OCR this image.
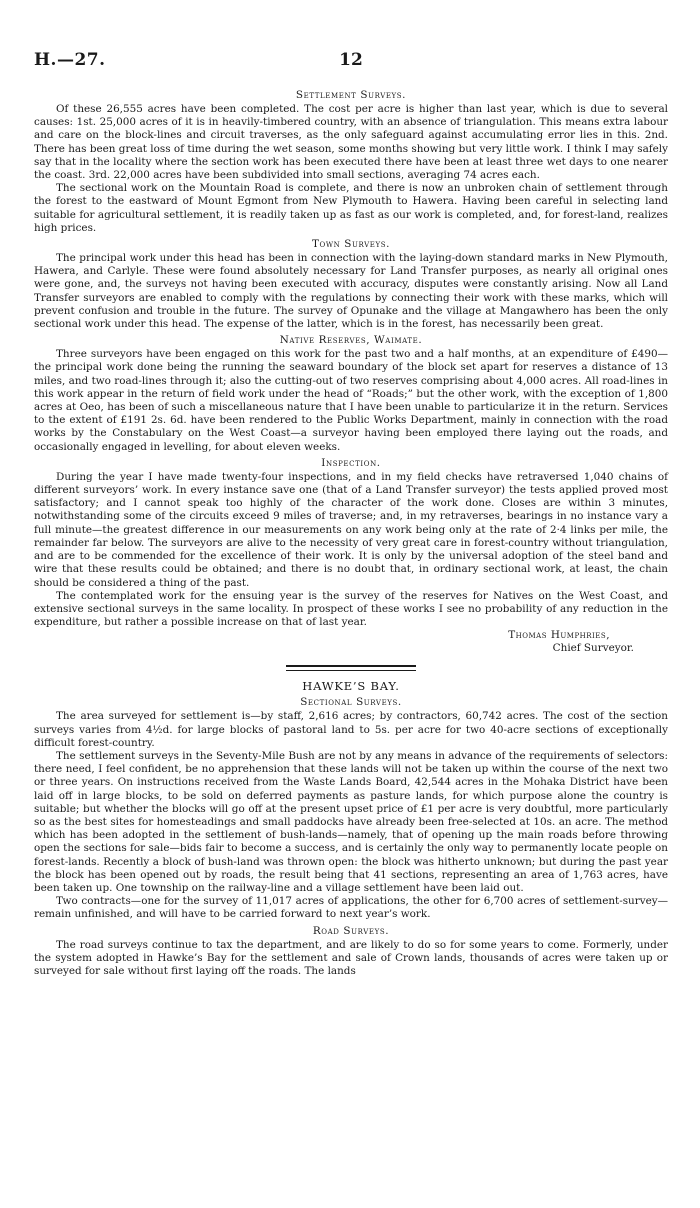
H.—27.	12
Settlement Surveys.

Of these 26,555 acres have been completed. The cost per acre is higher than last year, which is due to several causes: 1st. 25,000 acres of it is in heavily-timbered country, with an absence of triangulation. This means extra labour and care on the block-lines and circuit traverses, as the only safeguard against accumulating error lies in this. 2nd. There has been great loss of time during the wet season, some months showing but very little work. I think I may safely say that in the locality where the section work has been executed there have been at least three wet days to one nearer the coast. 3rd. 22,000 acres have been subdivided into small sections, averaging 74 acres each.

The sectional work on the Mountain Road is complete, and there is now an unbroken chain of settlement through the forest to the eastward of Mount Egmont from New Plymouth to Hawera. Having been careful in selecting land suitable for agricultural settlement, it is readily taken up as fast as our work is completed, and, for forest-land, realizes high prices.

Town Surveys.

The principal work under this head has been in connection with the laying-down standard marks in New Plymouth, Hawera, and Carlyle. These were found absolutely necessary for Land Transfer purposes, as nearly all original ones were gone, and, the surveys not having been executed with accuracy, disputes were constantly arising. Now all Land Transfer surveyors are enabled to comply with the regulations by connecting their work with these marks, which will prevent confusion and trouble in the future. The survey of Opunake and the village at Mangawhero has been the only sectional work under this head. The expense of the latter, which is in the forest, has necessarily been great.

Native Reserves, Waimate.

Three surveyors have been engaged on this work for the past two and a half months, at an expenditure of £490—the principal work done being the running the seaward boundary of the block set apart for reserves a distance of 13 miles, and two road-lines through it; also the cutting-out of two reserves comprising about 4,000 acres. All road-lines in this work appear in the return of field work under the head of “Roads;” but the other work, with the exception of 1,800 acres at Oeo, has been of such a miscellaneous nature that I have been unable to particularize it in the return. Services to the extent of £191 2s. 6d. have been rendered to the Public Works Department, mainly in connection with the road works by the Constabulary on the West Coast—a surveyor having been employed there laying out the roads, and occasionally engaged in levelling, for about eleven weeks.

Inspection.

During the year I have made twenty-four inspections, and in my field checks have retraversed 1,040 chains of different surveyors’ work. In every instance save one (that of a Land Transfer surveyor) the tests applied proved most satisfactory; and I cannot speak too highly of the character of the work done. Closes are within 3 minutes, notwithstanding some of the circuits exceed 9 miles of traverse; and, in my retraverses, bearings in no instance vary a full minute—the greatest difference in our measurements on any work being only at the rate of 2·4 links per mile, the remainder far below. The surveyors are alive to the necessity of very great care in forest-country without triangulation, and are to be commended for the excellence of their work. It is only by the universal adoption of the steel band and wire that these results could be obtained; and there is no doubt that, in ordinary sectional work, at least, the chain should be considered a thing of the past.

The contemplated work for the ensuing year is the survey of the reserves for Natives on the West Coast, and extensive sectional surveys in the same locality. In prospect of these works I see no probability of any reduction in the expenditure, but rather a possible increase on that of last year.

Thomas Humphries,
Chief Surveyor.
HAWKE’S BAY.
Sectional Surveys.

The area surveyed for settlement is—by staff, 2,616 acres; by contractors, 60,742 acres. The cost of the section surveys varies from 4½d. for large blocks of pastoral land to 5s. per acre for two 40-acre sections of exceptionally difficult forest-country.

The settlement surveys in the Seventy-Mile Bush are not by any means in advance of the requirements of selectors: there need, I feel confident, be no apprehension that these lands will not be taken up within the course of the next two or three years. On instructions received from the Waste Lands Board, 42,544 acres in the Mohaka District have been laid off in large blocks, to be sold on deferred payments as pasture lands, for which purpose alone the country is suitable; but whether the blocks will go off at the present upset price of £1 per acre is very doubtful, more particularly so as the best sites for homesteadings and small paddocks have already been free-selected at 10s. an acre. The method which has been adopted in the settlement of bush-lands—namely, that of opening up the main roads before throwing open the sections for sale—bids fair to become a success, and is certainly the only way to permanently locate people on forest-lands. Recently a block of bush-land was thrown open: the block was hitherto unknown; but during the past year the block has been opened out by roads, the result being that 41 sections, representing an area of 1,763 acres, have been taken up. One township on the railway-line and a village settlement have been laid out.

Two contracts—one for the survey of 11,017 acres of applications, the other for 6,700 acres of settlement-survey—remain unfinished, and will have to be carried forward to next year’s work.

Road Surveys.

The road surveys continue to tax the department, and are likely to do so for some years to come. Formerly, under the system adopted in Hawke’s Bay for the settlement and sale of Crown lands, thousands of acres were taken up or surveyed for sale without first laying off the roads. The lands
